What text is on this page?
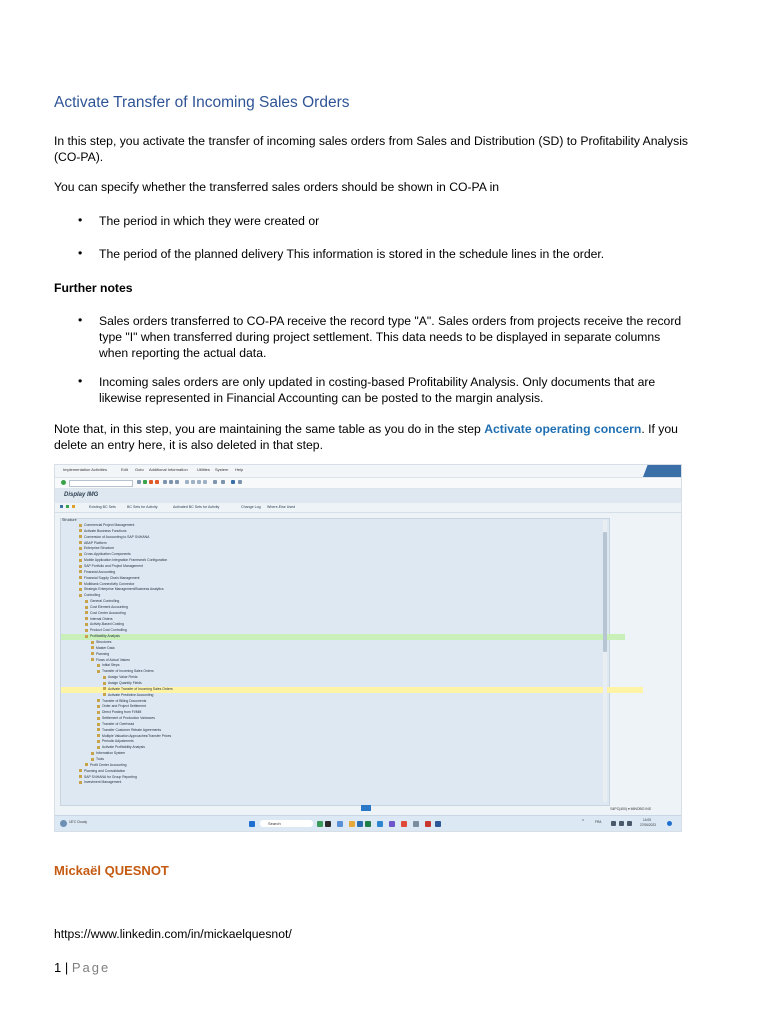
Activate Transfer of Incoming Sales Orders
In this step, you activate the transfer of incoming sales orders from Sales and Distribution (SD) to Profitability Analysis
(CO-PA).
You can specify whether the transferred sales orders should be shown in CO-PA in
• The period in which they were created or
• The period of the planned delivery This information is stored in the schedule lines in the order.
Further notes
• Sales orders transferred to CO-PA receive the record type "A". Sales orders from projects receive the record
type "I" when transferred during project settlement. This data needs to be displayed in separate columns
when reporting the actual data.
• Incoming sales orders are only updated in costing-based Profitability Analysis. Only documents that are
likewise represented in Financial Accounting can be posted to the margin analysis.
Note that, in this step, you are maintaining the same table as you do in the step Activate operating concern. If you
delete an entry here, it is also deleted in that step.
Implementation Activities	Edit Goto Additional Information Utilities System Help
Display IMG
Existing BC Sets	BC Sets for Activity	Activated BC Sets for Activity	Change Log Where-Else Used
Structure
Commercial Project Management
Activate Business Functions
Conversion of Accounting to SAP S/4HANA
ABAP Platform
Enterprise Structure
Cross-Application Components
Mobile Application Integration Framework Configuration
SAP Portfolio and Project Management
Financial Accounting
Financial Supply Chain Management
Multibank Connectivity Connector
Strategic Enterprise Management/Business Analytics
Controlling
General Controlling
Cost Element Accounting
Cost Center Accounting
Internal Orders
Activity-Based Costing
Product Cost Controlling
Profitability Analysis
Structures
Master Data
Planning
Flows of Actual Values
Initial Steps
Transfer of Incoming Sales Orders
Assign Value Fields
Assign Quantity Fields
Activate Transfer of Incoming Sales Orders
Activate Predictive Accounting
Transfer of Billing Documents
Order and Project Settlement
Direct Posting from FI/MM
Settlement of Production Variances
Transfer of Overhead
Transfer Customer Rebate Agreements
Multiple Valuation Approaches/Transfer Prices
Periodic Adjustments
Activate Profitability Analysis
Information System
Tools
Profit Center Accounting
Planning and Consolidation
SAP S/4HANA for Group Reporting
Investment Management
S4PC(400) ▾ MINOBO INS
18°C Cloudy	Search	⌃	FRA	14:05
27/06/2023
Mickaël QUESNOT
https://www.linkedin.com/in/mickaelquesnot/
1 | Page
